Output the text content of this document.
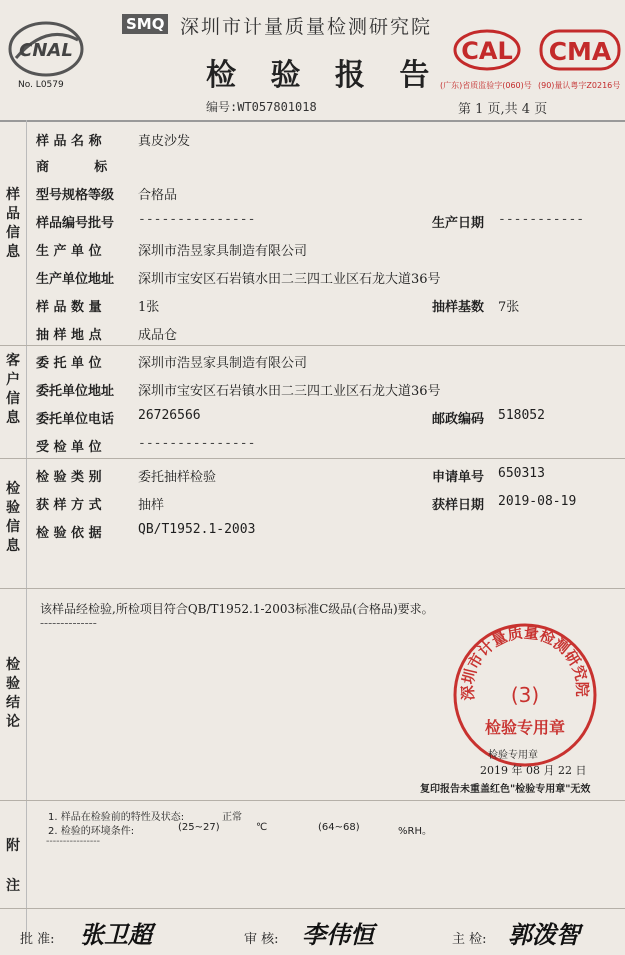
CNAL
No. L0579
SMQ 深圳市计量质量检测研究院
检 验 报 告
编号:WT057801018	第 1 页,共 4 页
CAL CMA
(广东)省质监验字(060)号 (90)量认粤字Z0216号
样品信息
客户信息
检验信息
检验结论
附注
样 品 名 称	真皮沙发
商          标
型号规格等级 合格品
样品编号批号 ---------------	生产日期 -----------
生 产 单 位	深圳市浩昱家具制造有限公司
生产单位地址 深圳市宝安区石岩镇水田二三四工业区石龙大道36号
样 品 数 量	1张	抽样基数 7张
抽 样 地 点	成品仓
委 托 单 位	深圳市浩昱家具制造有限公司
委托单位地址 深圳市宝安区石岩镇水田二三四工业区石龙大道36号
委托单位电话 26726566	邮政编码 518052
受 检 单 位	---------------
检 验 类 别	委托抽样检验	申请单号 650313
获 样 方 式	抽样	获样日期 2019-08-19
检 验 依 据	QB/T1952.1-2003
该样品经检验,所检项目符合QB/T1952.1-2003标准C级品(合格品)要求。
--------------
深圳市计量质量检测研究院
(3)
检验专用章
检验专用章
2019 年 08 月 22 日
复印报告未重盖红色"检验专用章"无效
1. 样品在检验前的特性及状态:	正常
2. 检验的环境条件:	(25~27)	℃	(64~68)	%RH。
----------------
批 准: 张卫超	审 核: 李伟恒	主 检: 郭泼智
